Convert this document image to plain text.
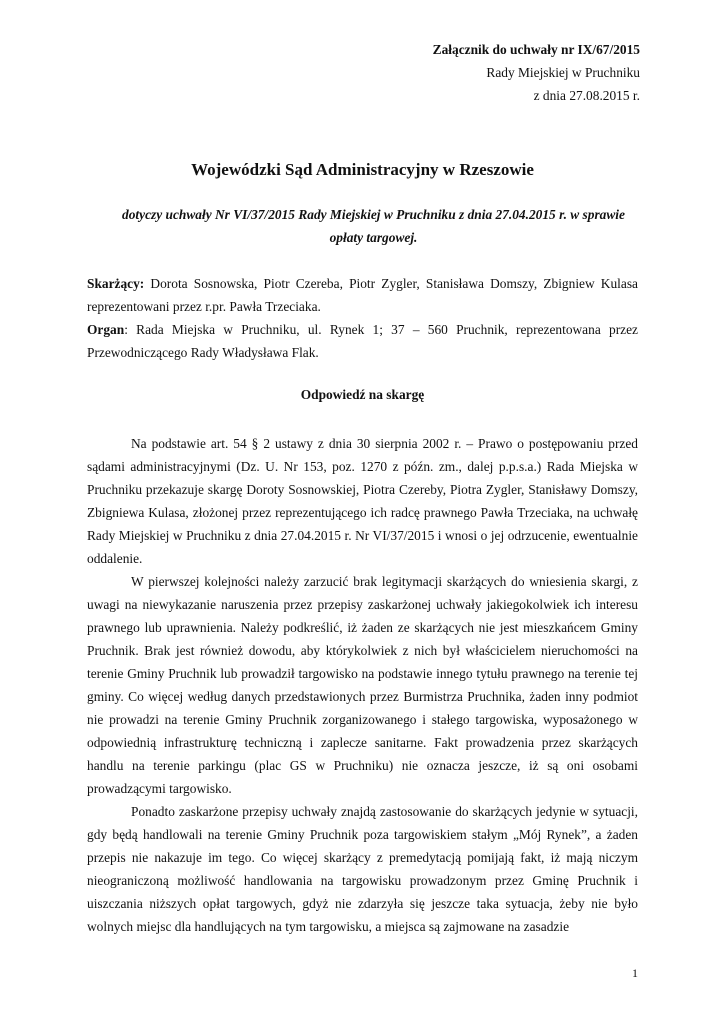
Załącznik do uchwały nr IX/67/2015
Rady Miejskiej w Pruchniku
z dnia 27.08.2015 r.
Wojewódzki Sąd Administracyjny w Rzeszowie
dotyczy uchwały Nr VI/37/2015 Rady Miejskiej w Pruchniku z dnia 27.04.2015 r. w sprawie opłaty targowej.

Skarżący: Dorota Sosnowska, Piotr Czereba, Piotr Zygler, Stanisława Domszy, Zbigniew Kulasa reprezentowani przez r.pr. Pawła Trzeciaka.

Organ: Rada Miejska w Pruchniku, ul. Rynek 1; 37 – 560 Pruchnik, reprezentowana przez Przewodniczącego Rady Władysława Flak.

Odpowiedź na skargę

Na podstawie art. 54 § 2 ustawy z dnia 30 sierpnia 2002 r. – Prawo o postępowaniu przed sądami administracyjnymi (Dz. U. Nr 153, poz. 1270 z późn. zm., dalej p.p.s.a.) Rada Miejska w Pruchniku przekazuje skargę Doroty Sosnowskiej, Piotra Czereby, Piotra Zygler, Stanisławy Domszy, Zbigniewa Kulasa, złożonej przez reprezentującego ich radcę prawnego Pawła Trzeciaka, na uchwałę Rady Miejskiej w Pruchniku z dnia 27.04.2015 r. Nr VI/37/2015 i wnosi o jej odrzucenie, ewentualnie oddalenie.

W pierwszej kolejności należy zarzucić brak legitymacji skarżących do wniesienia skargi, z uwagi na niewykazanie naruszenia przez przepisy zaskarżonej uchwały jakiegokolwiek ich interesu prawnego lub uprawnienia. Należy podkreślić, iż żaden ze skarżących nie jest mieszkańcem Gminy Pruchnik. Brak jest również dowodu, aby którykolwiek z nich był właścicielem nieruchomości na terenie Gminy Pruchnik lub prowadził targowisko na podstawie innego tytułu prawnego na terenie tej gminy. Co więcej według danych przedstawionych przez Burmistrza Pruchnika, żaden inny podmiot nie prowadzi na terenie Gminy Pruchnik zorganizowanego i stałego targowiska, wyposażonego w odpowiednią infrastrukturę techniczną i zaplecze sanitarne. Fakt prowadzenia przez skarżących handlu na terenie parkingu (plac GS w Pruchniku) nie oznacza jeszcze, iż są oni osobami prowadzącymi targowisko.

Ponadto zaskarżone przepisy uchwały znajdą zastosowanie do skarżących jedynie w sytuacji, gdy będą handlowali na terenie Gminy Pruchnik poza targowiskiem stałym „Mój Rynek”, a żaden przepis nie nakazuje im tego. Co więcej skarżący z premedytacją pomijają fakt, iż mają niczym nieograniczoną możliwość handlowania na targowisku prowadzonym przez Gminę Pruchnik i uiszczania niższych opłat targowych, gdyż nie zdarzyła się jeszcze taka sytuacja, żeby nie było wolnych miejsc dla handlujących na tym targowisku, a miejsca są zajmowane na zasadzie

1
